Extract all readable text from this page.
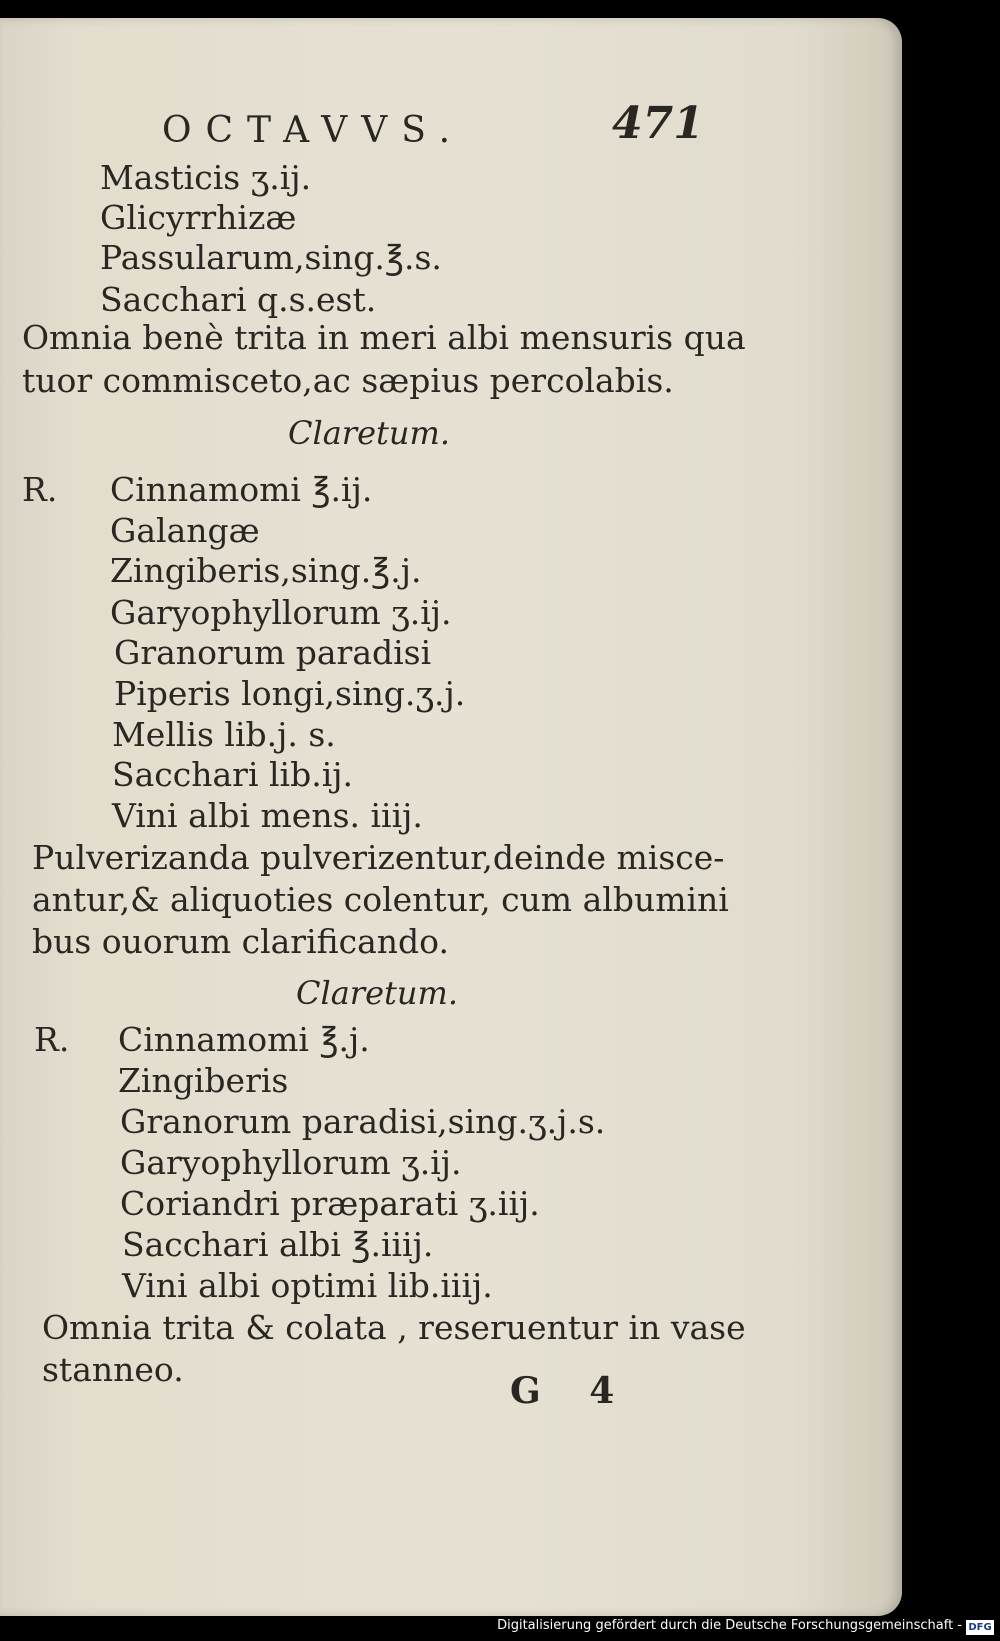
OCTAVVS.	471
Masticis ʒ.ij.
Glicyrrhizæ
Passularum,sing.℥.s.
Sacchari q.s.est.
Omnia benè trita in meri albi mensuris qua
tuor commisceto,ac sæpius percolabis.
Claretum.
R. Cinnamomi ℥.ij.
Galangæ
Zingiberis,sing.℥.j.
Garyophyllorum ʒ.ij.
Granorum paradisi
Piperis longi,sing.ʒ.j.
Mellis lib.j. s.
Sacchari lib.ij.
Vini albi mens. iiij.
Pulverizanda pulverizentur,deinde misce-
antur,& aliquoties colentur, cum albumini
bus ouorum clarificando.
Claretum.
R. Cinnamomi ℥.j.
Zingiberis
Granorum paradisi,sing.ʒ.j.s.
Garyophyllorum ʒ.ij.
Coriandri præparati ʒ.iij.
Sacchari albi ℥.iiij.
Vini albi optimi lib.iiij.
Omnia trita & colata , reseruentur in vase
stanneo.
G 4
Digitalisierung gefördert durch die Deutsche Forschungsgemeinschaft - DFG
